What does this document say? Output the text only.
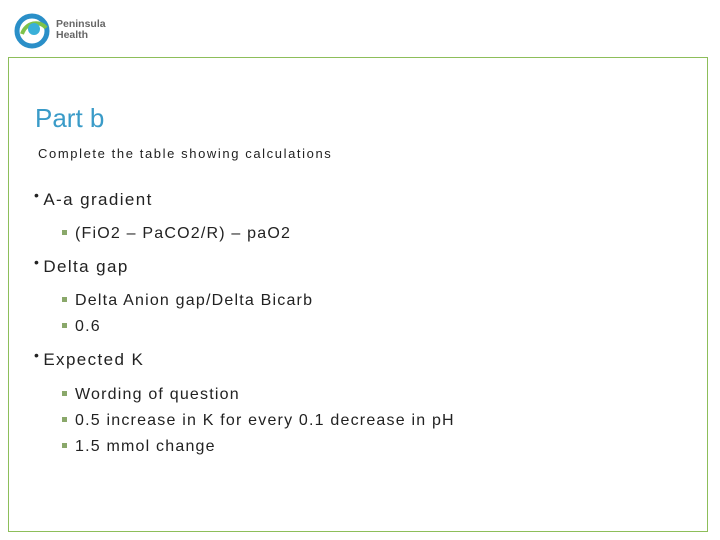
Peninsula
Health
Part b
Complete the table showing calculations
• A-a gradient
(FiO2 – PaCO2/R) – paO2
• Delta gap
Delta Anion gap/Delta Bicarb
0.6
• Expected K
Wording of question
0.5 increase in K for every 0.1 decrease in pH
1.5 mmol change
